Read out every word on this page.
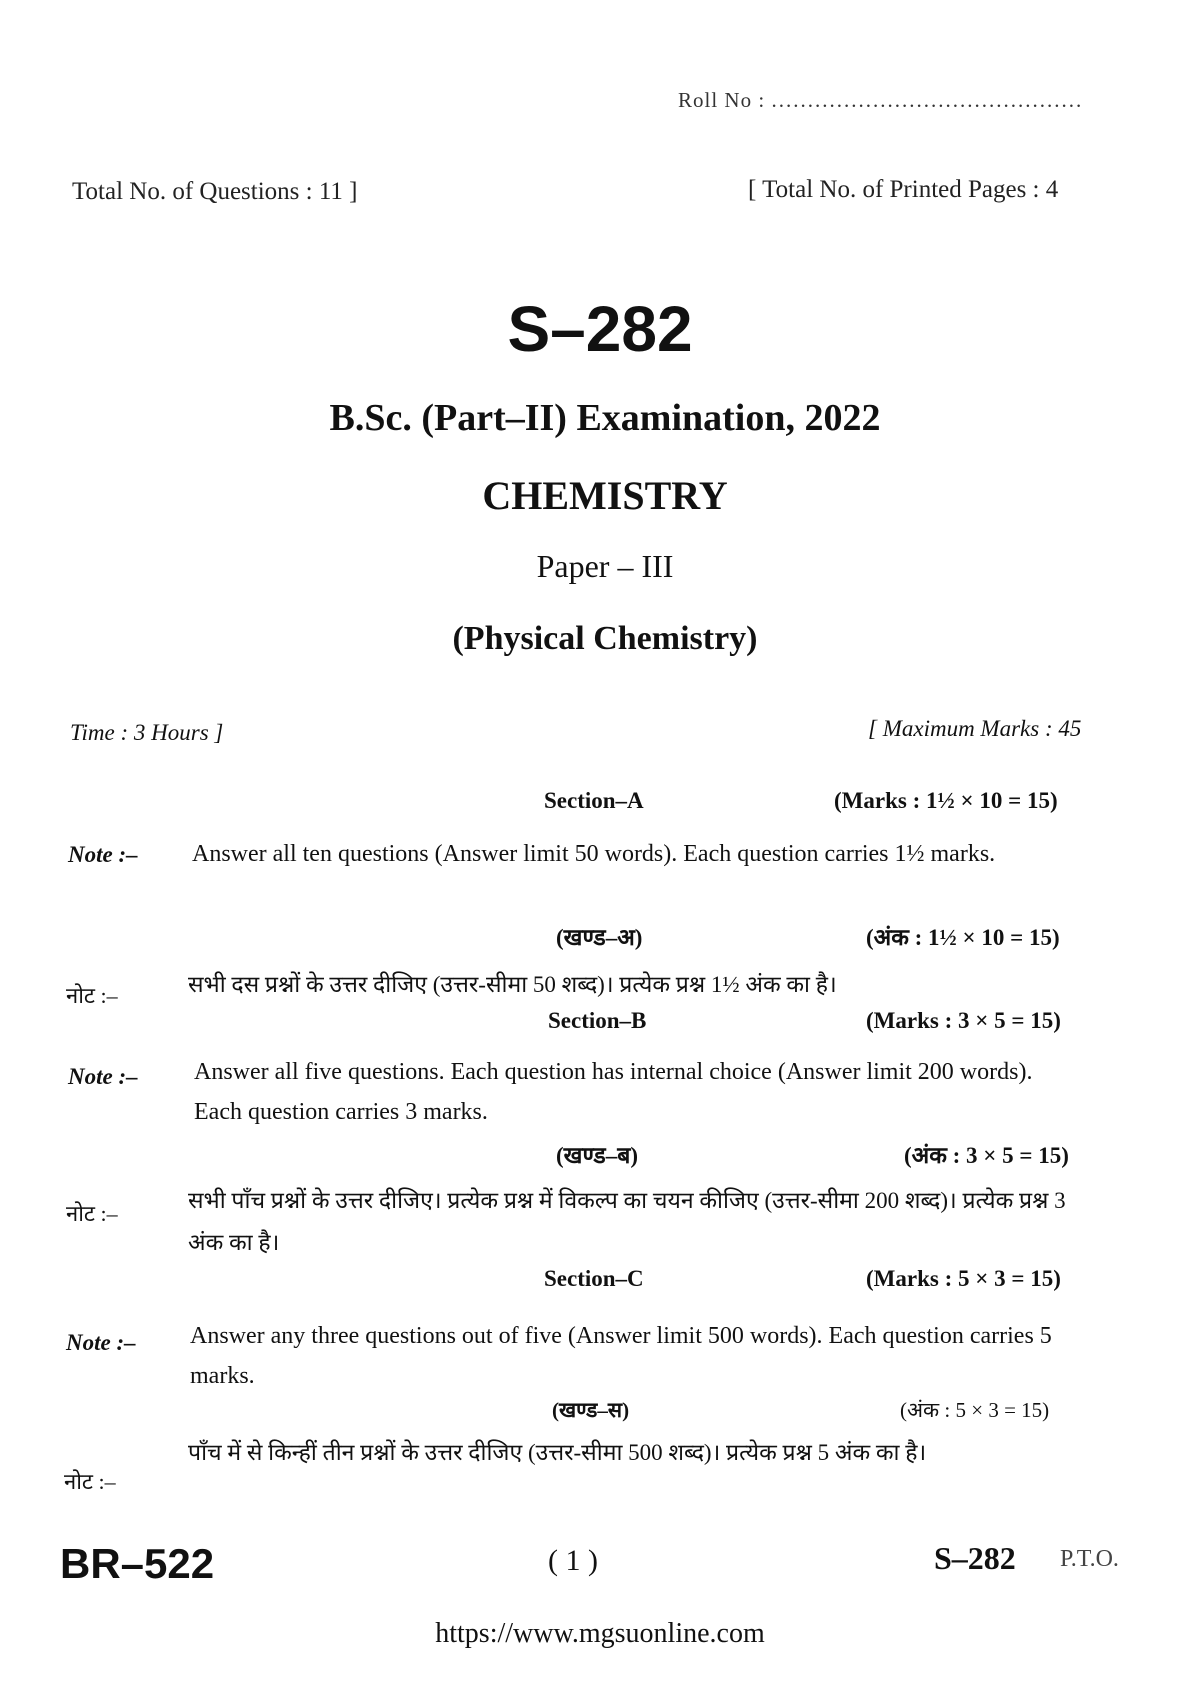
Roll No : ...........................................
Total No. of Questions : 11 ]	[ Total No. of Printed Pages : 4
S–282
B.Sc. (Part–II) Examination, 2022
CHEMISTRY
Paper – III
(Physical Chemistry)
Time : 3 Hours ]	[ Maximum Marks : 45
Section–A	(Marks : 1½ × 10 = 15)
Note :– Answer all ten questions (Answer limit 50 words). Each question carries 1½ marks.
(खण्ड–अ)	(अंक : 1½ × 10 = 15)
नोट :–	सभी दस प्रश्नों के उत्तर दीजिए (उत्तर-सीमा 50 शब्द)। प्रत्येक प्रश्न 1½ अंक का है।
Section–B	(Marks : 3 × 5 = 15)
Note :– Answer all five questions. Each question has internal choice (Answer limit 200 words). Each question carries 3 marks.
(खण्ड–ब)	(अंक : 3 × 5 = 15)
नोट :–
सभी पाँच प्रश्नों के उत्तर दीजिए। प्रत्येक प्रश्न में विकल्प का चयन कीजिए (उत्तर-सीमा 200 शब्द)। प्रत्येक प्रश्न 3 अंक का है।
Section–C	(Marks : 5 × 3 = 15)
Note :– Answer any three questions out of five (Answer limit 500 words). Each question carries 5 marks.
(खण्ड–स)	(अंक : 5 × 3 = 15)
नोट :–
पाँच में से किन्हीं तीन प्रश्नों के उत्तर दीजिए (उत्तर-सीमा 500 शब्द)। प्रत्येक प्रश्न 5 अंक का है।
BR–522	( 1 )	S–282 P.T.O.
https://www.mgsuonline.com
